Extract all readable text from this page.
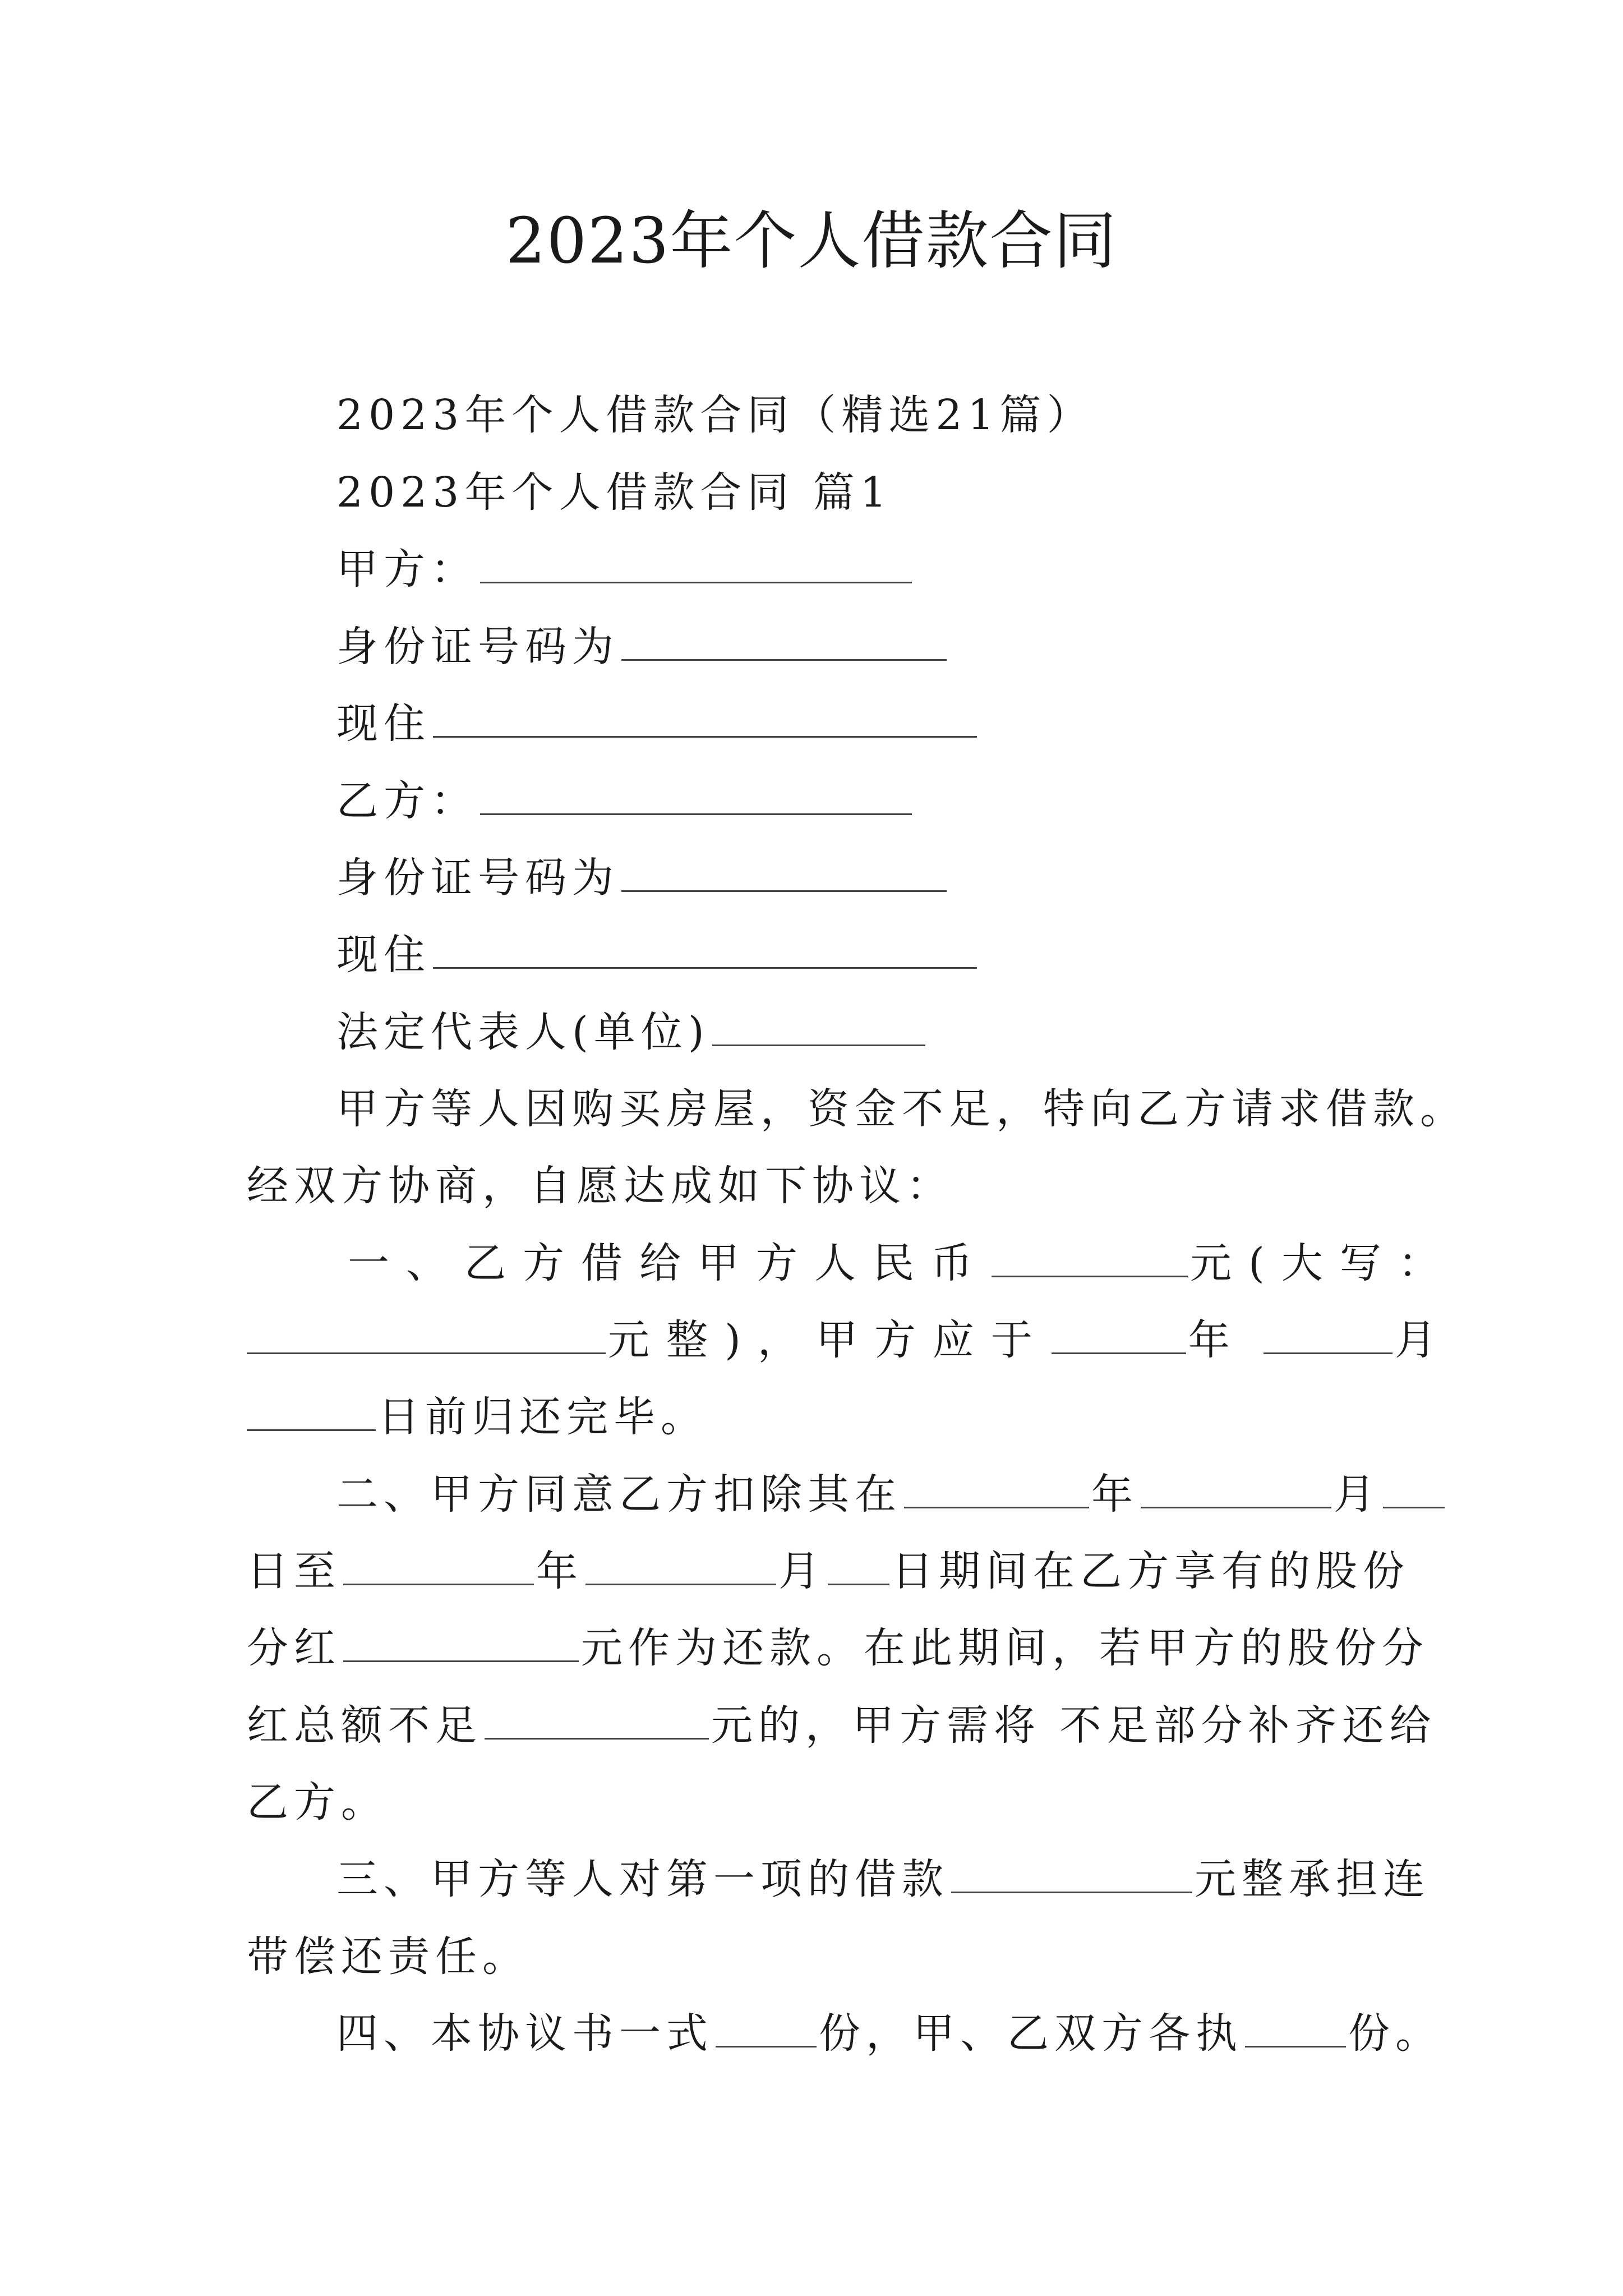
2023年个人借款合同
2023年个人借款合同（精选21篇）
2023年个人借款合同 篇1
甲方：
身份证号码为
现住
乙方：
身份证号码为
现住
法定代表人(单位)
甲方等人因购买房屋，资金不足，特向乙方请求借款。
经双方协商，自愿达成如下协议：
一、乙方借给甲方人民币	元(大写：
元整)，甲方应于	年	月
日前归还完毕。
二、甲方同意乙方扣除其在	年	月
日至	年	月 日期间在乙方享有的股份
分红	元作为还款。在此期间，若甲方的股份分
红总额不足	元的，甲方需将 不足部分补齐还给
乙方。
三、甲方等人对第一项的借款	元整承担连
带偿还责任。
四、本协议书一式	份，甲、乙双方各执	份。
